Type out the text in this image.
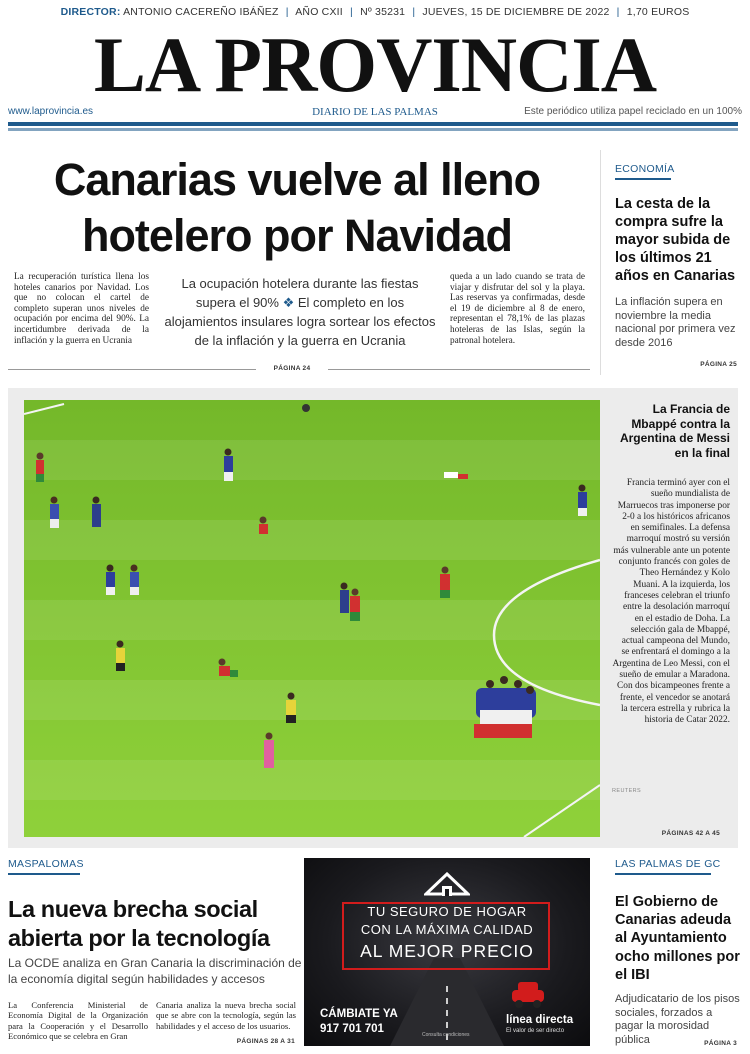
DIRECTOR: ANTONIO CACEREÑO IBÁÑEZ | AÑO CXII | Nº 35231 | JUEVES, 15 DE DICIEMBRE DE 2022 | 1,70 EUROS
LA PROVINCIA
www.laprovincia.es	DIARIO DE LAS PALMAS	Este periódico utiliza papel reciclado en un 100%
Canarias vuelve al lleno
hotelero por Navidad
La recuperación turística llena los hoteles canarios por Navidad. Los que no colocan el cartel de completo superan unos niveles de ocupación por encima del 90%. La incertidumbre derivada de la inflación y la guerra en Ucrania
La ocupación hotelera durante las fiestas supera el 90% ❖ El completo en los alojamientos insulares logra sortear los efectos de la inflación y la guerra en Ucrania
queda a un lado cuando se trata de viajar y disfrutar del sol y la playa. Las reservas ya confirmadas, desde el 19 de diciembre al 8 de enero, representan el 78,1% de las plazas hoteleras de las Islas, según la patronal hotelera.
PÁGINA 24
ECONOMÍA
La cesta de la compra sufre la mayor subida de los últimos 21 años en Canarias
La inflación supera en noviembre la media nacional por primera vez desde 2016
PÁGINA 25
La Francia de Mbappé contra la Argentina de Messi en la final
Francia terminó ayer con el sueño mundialista de Marruecos tras imponerse por 2-0 a los históricos africanos en semifinales. La defensa marroquí mostró su versión más vulnerable ante un potente conjunto francés con goles de Theo Hernández y Kolo Muani. A la izquierda, los franceses celebran el triunfo entre la desolación marroquí en el estadio de Doha. La selección gala de Mbappé, actual campeona del Mundo, se enfrentará el domingo a la Argentina de Leo Messi, con el sueño de emular a Maradona. Con dos bicampeones frente a frente, el vencedor se anotará la tercera estrella y rubrica la historia de Catar 2022.
REUTERS
PÁGINAS 42 A 45
MASPALOMAS
La nueva brecha social
abierta por la tecnología
La OCDE analiza en Gran Canaria la discriminación de la economía digital según habilidades y accesos
La Conferencia Ministerial de Economía Digital de la Organización para la Cooperación y el Desarrollo Económico que se celebra en Gran
Canaria analiza la nueva brecha social que se abre con la tecnología, según las habilidades y el acceso de los usuarios.
PÁGINAS 28 A 31
TU SEGURO DE HOGAR
CON LA MÁXIMA CALIDAD
AL MEJOR PRECIO
CÁMBIATE YA
917 701 701	Consulta condiciones
línea directa
El valor de ser directo
LAS PALMAS DE GC
El Gobierno de Canarias adeuda al Ayuntamiento ocho millones por el IBI
Adjudicatario de los pisos sociales, forzados a pagar la morosidad pública	PÁGINA 3
